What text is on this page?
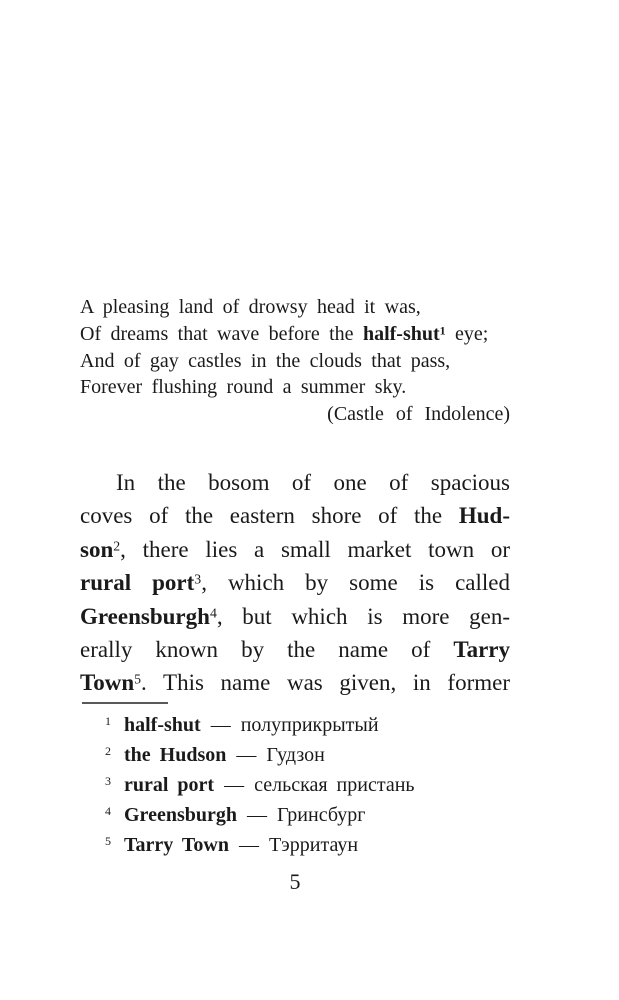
A pleasing land of drowsy head it was,
Of dreams that wave before the half-shut$^1$ eye;
And of gay castles in the clouds that pass,
Forever flushing round a summer sky.
(Castle of Indolence)
In the bosom of one of spacious
coves of the eastern shore of the Hud-
son$^2$, there lies a small market town or
rural port$^3$, which by some is called
Greensburgh$^4$, but which is more gen-
erally known by the name of Tarry
Town$^5$. This name was given, in former
$^1$ half-shut — полуприкрытый
$^2$ the Hudson — Гудзон
$^3$ rural port — сельская пристань
$^4$ Greensburgh — Гринсбург
$^5$ Tarry Town — Тэрритаун
5
